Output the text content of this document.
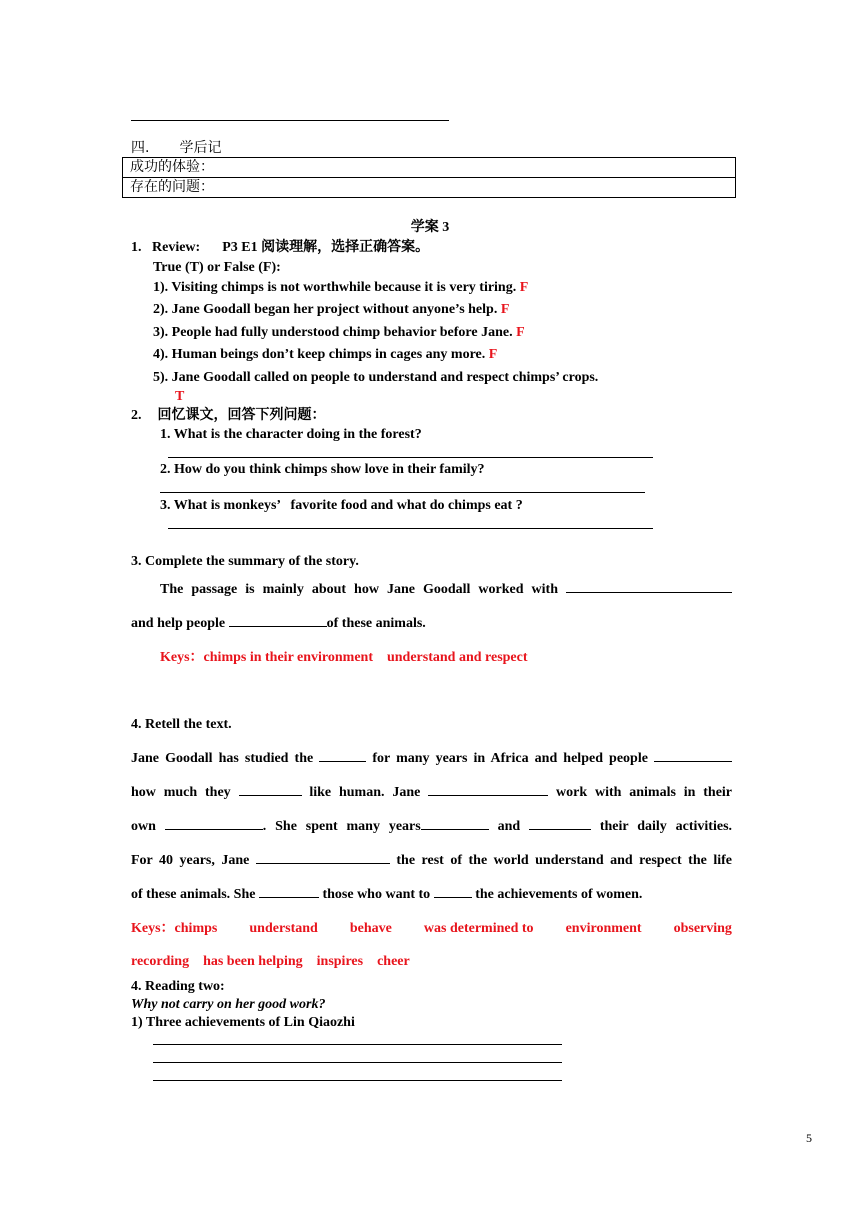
四. 学后记
成功的体验：
存在的问题：
学案 3
1.   Review: P3 E1 阅读理解，选择正确答案。
True (T) or False (F):
1). Visiting chimps is not worthwhile because it is very tiring. F
2). Jane Goodall began her project without anyone’s help. F
3). People had fully understood chimp behavior before Jane. F
4). Human beings don’t keep chimps in cages any more. F
5). Jane Goodall called on people to understand and respect chimps’ crops.
T
2. 回忆课文，回答下列问题：
1. What is the character doing in the forest?
2. How do you think chimps show love in their family?
3. What is monkeys’   favorite food and what do chimps eat ?
3. Complete the summary of the story.
The passage is mainly about how Jane Goodall worked with
and help people	of these animals.
Keys：chimps in their environment    understand and respect
4. Retell the text.
Jane Goodall has studied the	for many years in Africa and helped people
how much they	like human. Jane	work with animals in their
own	. She spent many years	and	their daily activities.
For 40 years, Jane	the rest of the world understand and respect the life
of these animals. She	those who want to	the achievements of women.
Keys：chimps understand behave was determined to environment observing
recording    has been helping    inspires    cheer
4. Reading two:
Why not carry on her good work?
1) Three achievements of Lin Qiaozhi
5
